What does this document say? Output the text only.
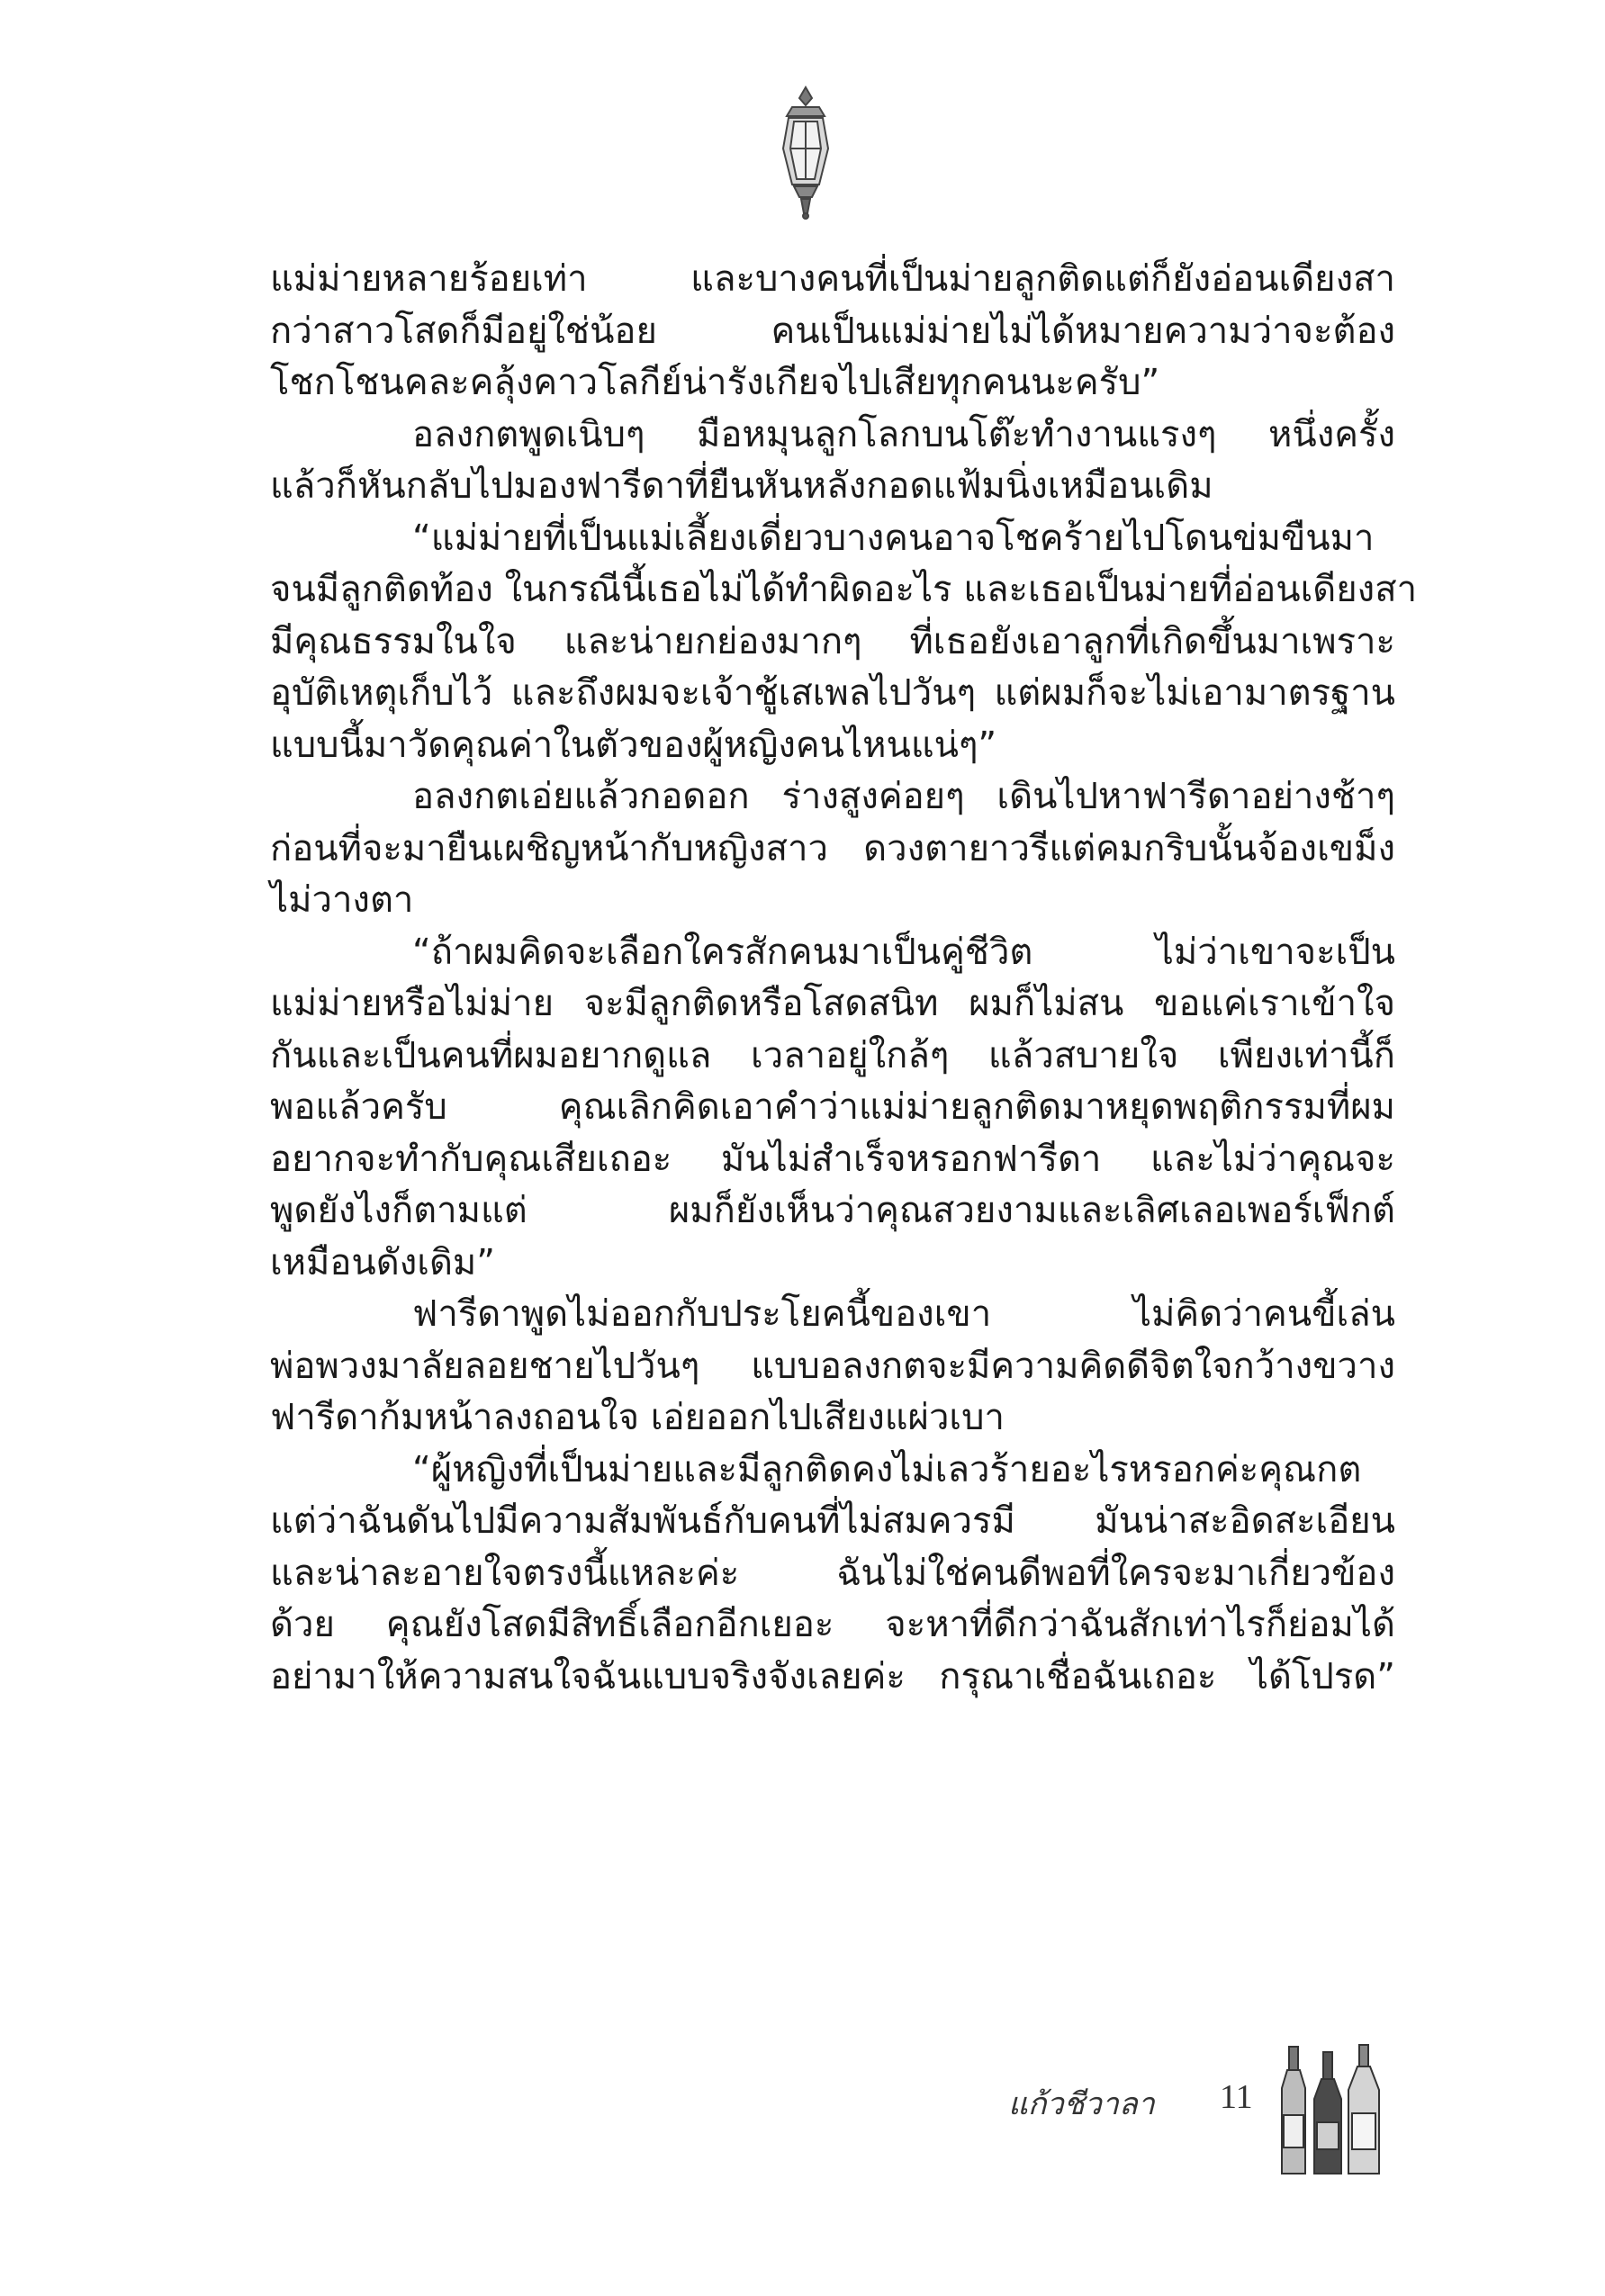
แม่ม่ายหลายร้อยเท่า และบางคนที่เป็นม่ายลูกติดแต่ก็ยังอ่อนเดียงสา
กว่าสาวโสดก็มีอยู่ใช่น้อย คนเป็นแม่ม่ายไม่ได้หมายความว่าจะต้อง
โชกโชนคละคลุ้งคาวโลกีย์น่ารังเกียจไปเสียทุกคนนะครับ”
อลงกตพูดเนิบๆ มือหมุนลูกโลกบนโต๊ะทำงานแรงๆ หนึ่งครั้ง
แล้วก็หันกลับไปมองฟารีดาที่ยืนหันหลังกอดแฟ้มนิ่งเหมือนเดิม
“แม่ม่ายที่เป็นแม่เลี้ยงเดี่ยวบางคนอาจโชคร้ายไปโดนข่มขืนมา
จนมีลูกติดท้อง ในกรณีนี้เธอไม่ได้ทำผิดอะไร และเธอเป็นม่ายที่อ่อนเดียงสา
มีคุณธรรมในใจ และน่ายกย่องมากๆ ที่เธอยังเอาลูกที่เกิดขึ้นมาเพราะ
อุบัติเหตุเก็บไว้ และถึงผมจะเจ้าชู้เสเพลไปวันๆ แต่ผมก็จะไม่เอามาตรฐาน
แบบนี้มาวัดคุณค่าในตัวของผู้หญิงคนไหนแน่ๆ”
อลงกตเอ่ยแล้วกอดอก ร่างสูงค่อยๆ เดินไปหาฟารีดาอย่างช้าๆ
ก่อนที่จะมายืนเผชิญหน้ากับหญิงสาว ดวงตายาวรีแต่คมกริบนั้นจ้องเขม็ง
ไม่วางตา
“ถ้าผมคิดจะเลือกใครสักคนมาเป็นคู่ชีวิต ไม่ว่าเขาจะเป็น
แม่ม่ายหรือไม่ม่าย จะมีลูกติดหรือโสดสนิท ผมก็ไม่สน ขอแค่เราเข้าใจ
กันและเป็นคนที่ผมอยากดูแล เวลาอยู่ใกล้ๆ แล้วสบายใจ เพียงเท่านี้ก็
พอแล้วครับ คุณเลิกคิดเอาคำว่าแม่ม่ายลูกติดมาหยุดพฤติกรรมที่ผม
อยากจะทำกับคุณเสียเถอะ มันไม่สำเร็จหรอกฟารีดา และไม่ว่าคุณจะ
พูดยังไงก็ตามแต่ ผมก็ยังเห็นว่าคุณสวยงามและเลิศเลอเพอร์เฟ็กต์
เหมือนดังเดิม”
ฟารีดาพูดไม่ออกกับประโยคนี้ของเขา ไม่คิดว่าคนขี้เล่น
พ่อพวงมาลัยลอยชายไปวันๆ แบบอลงกตจะมีความคิดดีจิตใจกว้างขวาง
ฟารีดาก้มหน้าลงถอนใจ เอ่ยออกไปเสียงแผ่วเบา
“ผู้หญิงที่เป็นม่ายและมีลูกติดคงไม่เลวร้ายอะไรหรอกค่ะคุณกต
แต่ว่าฉันดันไปมีความสัมพันธ์กับคนที่ไม่สมควรมี มันน่าสะอิดสะเอียน
และน่าละอายใจตรงนี้แหละค่ะ ฉันไม่ใช่คนดีพอที่ใครจะมาเกี่ยวข้อง
ด้วย คุณยังโสดมีสิทธิ์เลือกอีกเยอะ จะหาที่ดีกว่าฉันสักเท่าไรก็ย่อมได้
อย่ามาให้ความสนใจฉันแบบจริงจังเลยค่ะ กรุณาเชื่อฉันเถอะ ได้โปรด”
แก้วชีวาลา 11
